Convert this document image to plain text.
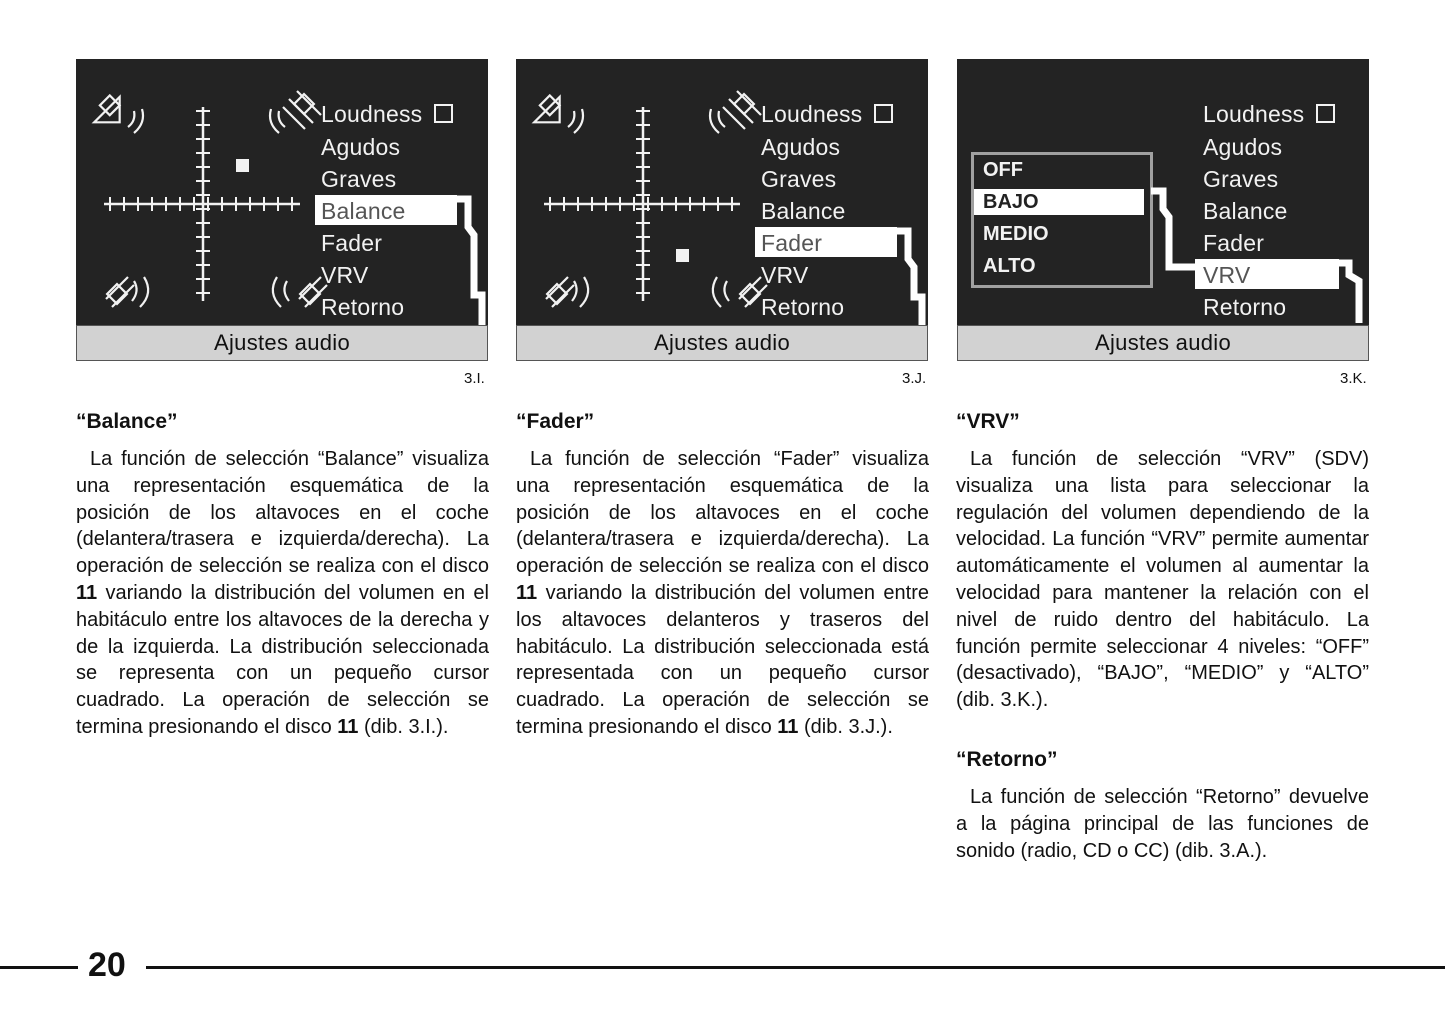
Loudness
Agudos
Graves
Balance
Fader
VRV
Retorno
Ajustes audio
3.I.
Loudness
Agudos
Graves
Balance
Fader
VRV
Retorno
Ajustes audio
3.J.
OFF
BAJO
MEDIO
ALTO
Loudness
Agudos
Graves
Balance
Fader
VRV
Retorno
Ajustes audio
3.K.
“Balance”

La función de selección “Balance” visualiza una representación esquemática de la posición de los altavoces en el coche (delantera/trasera e izquierda/derecha). La operación de selección se realiza con el disco 11 variando la distribución del volumen en el habitáculo entre los altavoces de la derecha y de la izquierda. La distribución seleccionada se representa con un pequeño cursor cuadrado. La operación de selección se termina presionando el disco 11 (dib. 3.I.).

“Fader”

La función de selección “Fader” visualiza una representación esquemática de la posición de los altavoces en el coche (delantera/trasera e izquierda/derecha). La operación de selección se realiza con el disco 11 variando la distribución del volumen entre los altavoces delanteros y traseros del habitáculo. La distribución seleccionada está representada con un pequeño cursor cuadrado. La operación de selección se termina presionando el disco 11 (dib. 3.J.).

“VRV”

La función de selección “VRV” (SDV) visualiza una lista para seleccionar la regulación del volumen dependiendo de la velocidad. La función “VRV” permite aumentar automáticamente el volumen al aumentar la velocidad para mantener la relación con el nivel de ruido dentro del habitáculo. La función permite seleccionar 4 niveles: “OFF” (desactivado), “BAJO”, “MEDIO” y “ALTO” (dib. 3.K.).

“Retorno”

La función de selección “Retorno” devuelve a la página principal de las funciones de sonido (radio, CD o CC) (dib. 3.A.).

20
